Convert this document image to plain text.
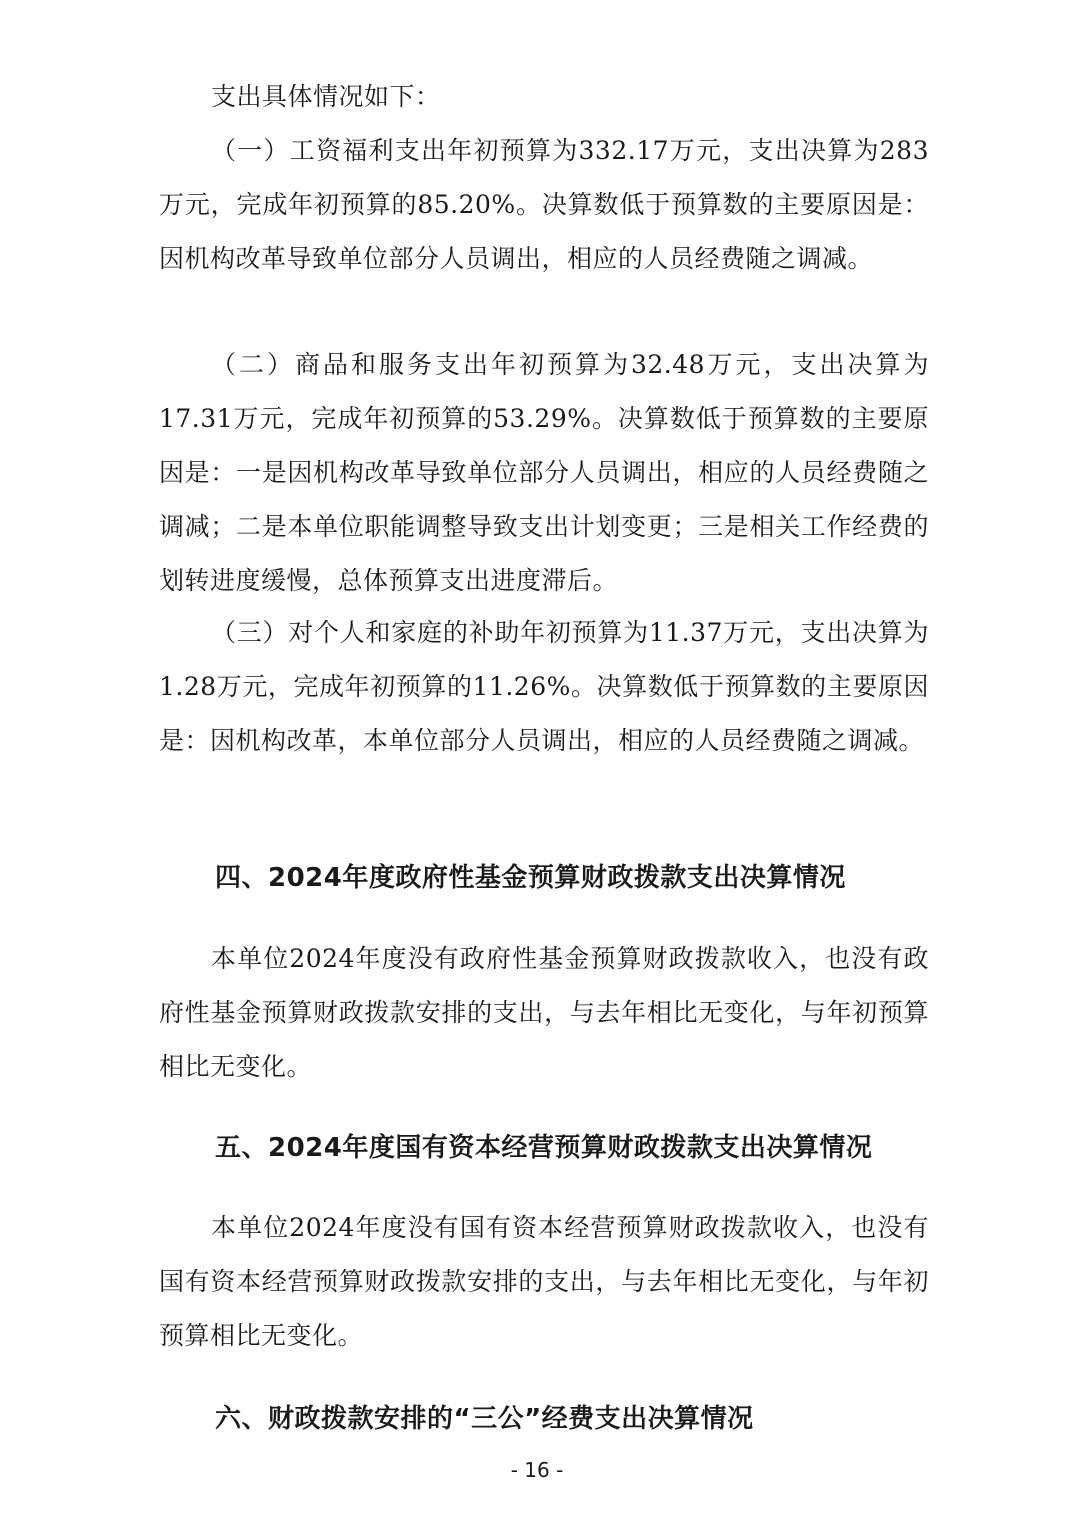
支出具体情况如下：

（一）工资福利支出年初预算为332.17万元，支出决算为283万元，完成年初预算的85.20%。决算数低于预算数的主要原因是：因机构改革导致单位部分人员调出，相应的人员经费随之调减。

（二）商品和服务支出年初预算为32.48万元，支出决算为17.31万元，完成年初预算的53.29%。决算数低于预算数的主要原因是：一是因机构改革导致单位部分人员调出，相应的人员经费随之调减；二是本单位职能调整导致支出计划变更；三是相关工作经费的划转进度缓慢，总体预算支出进度滞后。

（三）对个人和家庭的补助年初预算为11.37万元，支出决算为1.28万元，完成年初预算的11.26%。决算数低于预算数的主要原因是：因机构改革，本单位部分人员调出，相应的人员经费随之调减。

四、2024年度政府性基金预算财政拨款支出决算情况

本单位2024年度没有政府性基金预算财政拨款收入，也没有政府性基金预算财政拨款安排的支出，与去年相比无变化，与年初预算相比无变化。

五、2024年度国有资本经营预算财政拨款支出决算情况

本单位2024年度没有国有资本经营预算财政拨款收入，也没有国有资本经营预算财政拨款安排的支出，与去年相比无变化，与年初预算相比无变化。

六、财政拨款安排的“三公”经费支出决算情况
- 16 -
